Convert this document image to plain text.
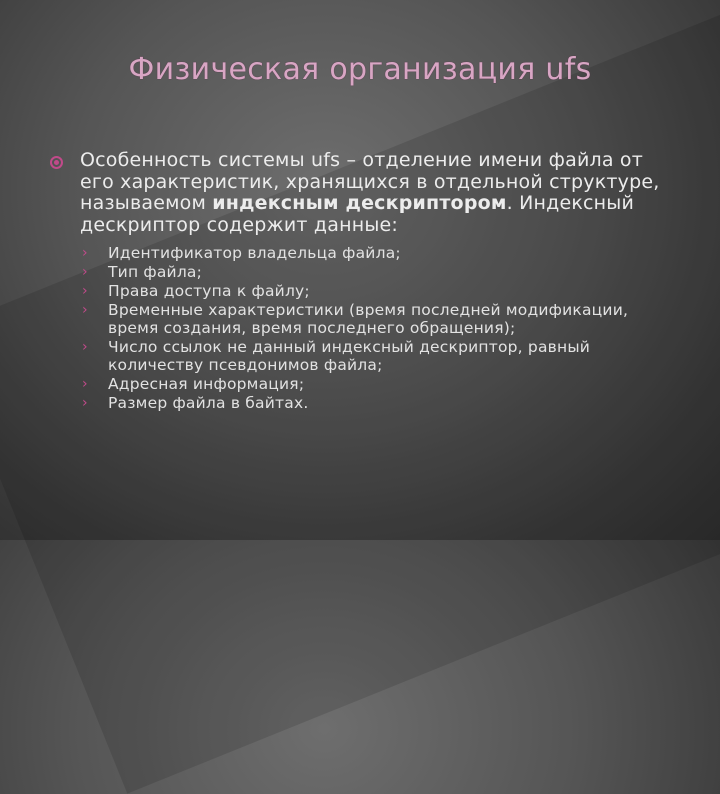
Физическая организация ufs
Особенность системы ufs – отделение имени файла от его характеристик, хранящихся в отдельной структуре, называемом индексным дескриптором. Индексный дескриптор содержит данные:
› Идентификатор владельца файла;
› Тип файла;
› Права доступа к файлу;
› Временные характеристики (время последней модификации, время создания, время последнего обращения);
› Число ссылок не данный индексный дескриптор, равный количеству псевдонимов файла;
› Адресная информация;
› Размер файла в байтах.
